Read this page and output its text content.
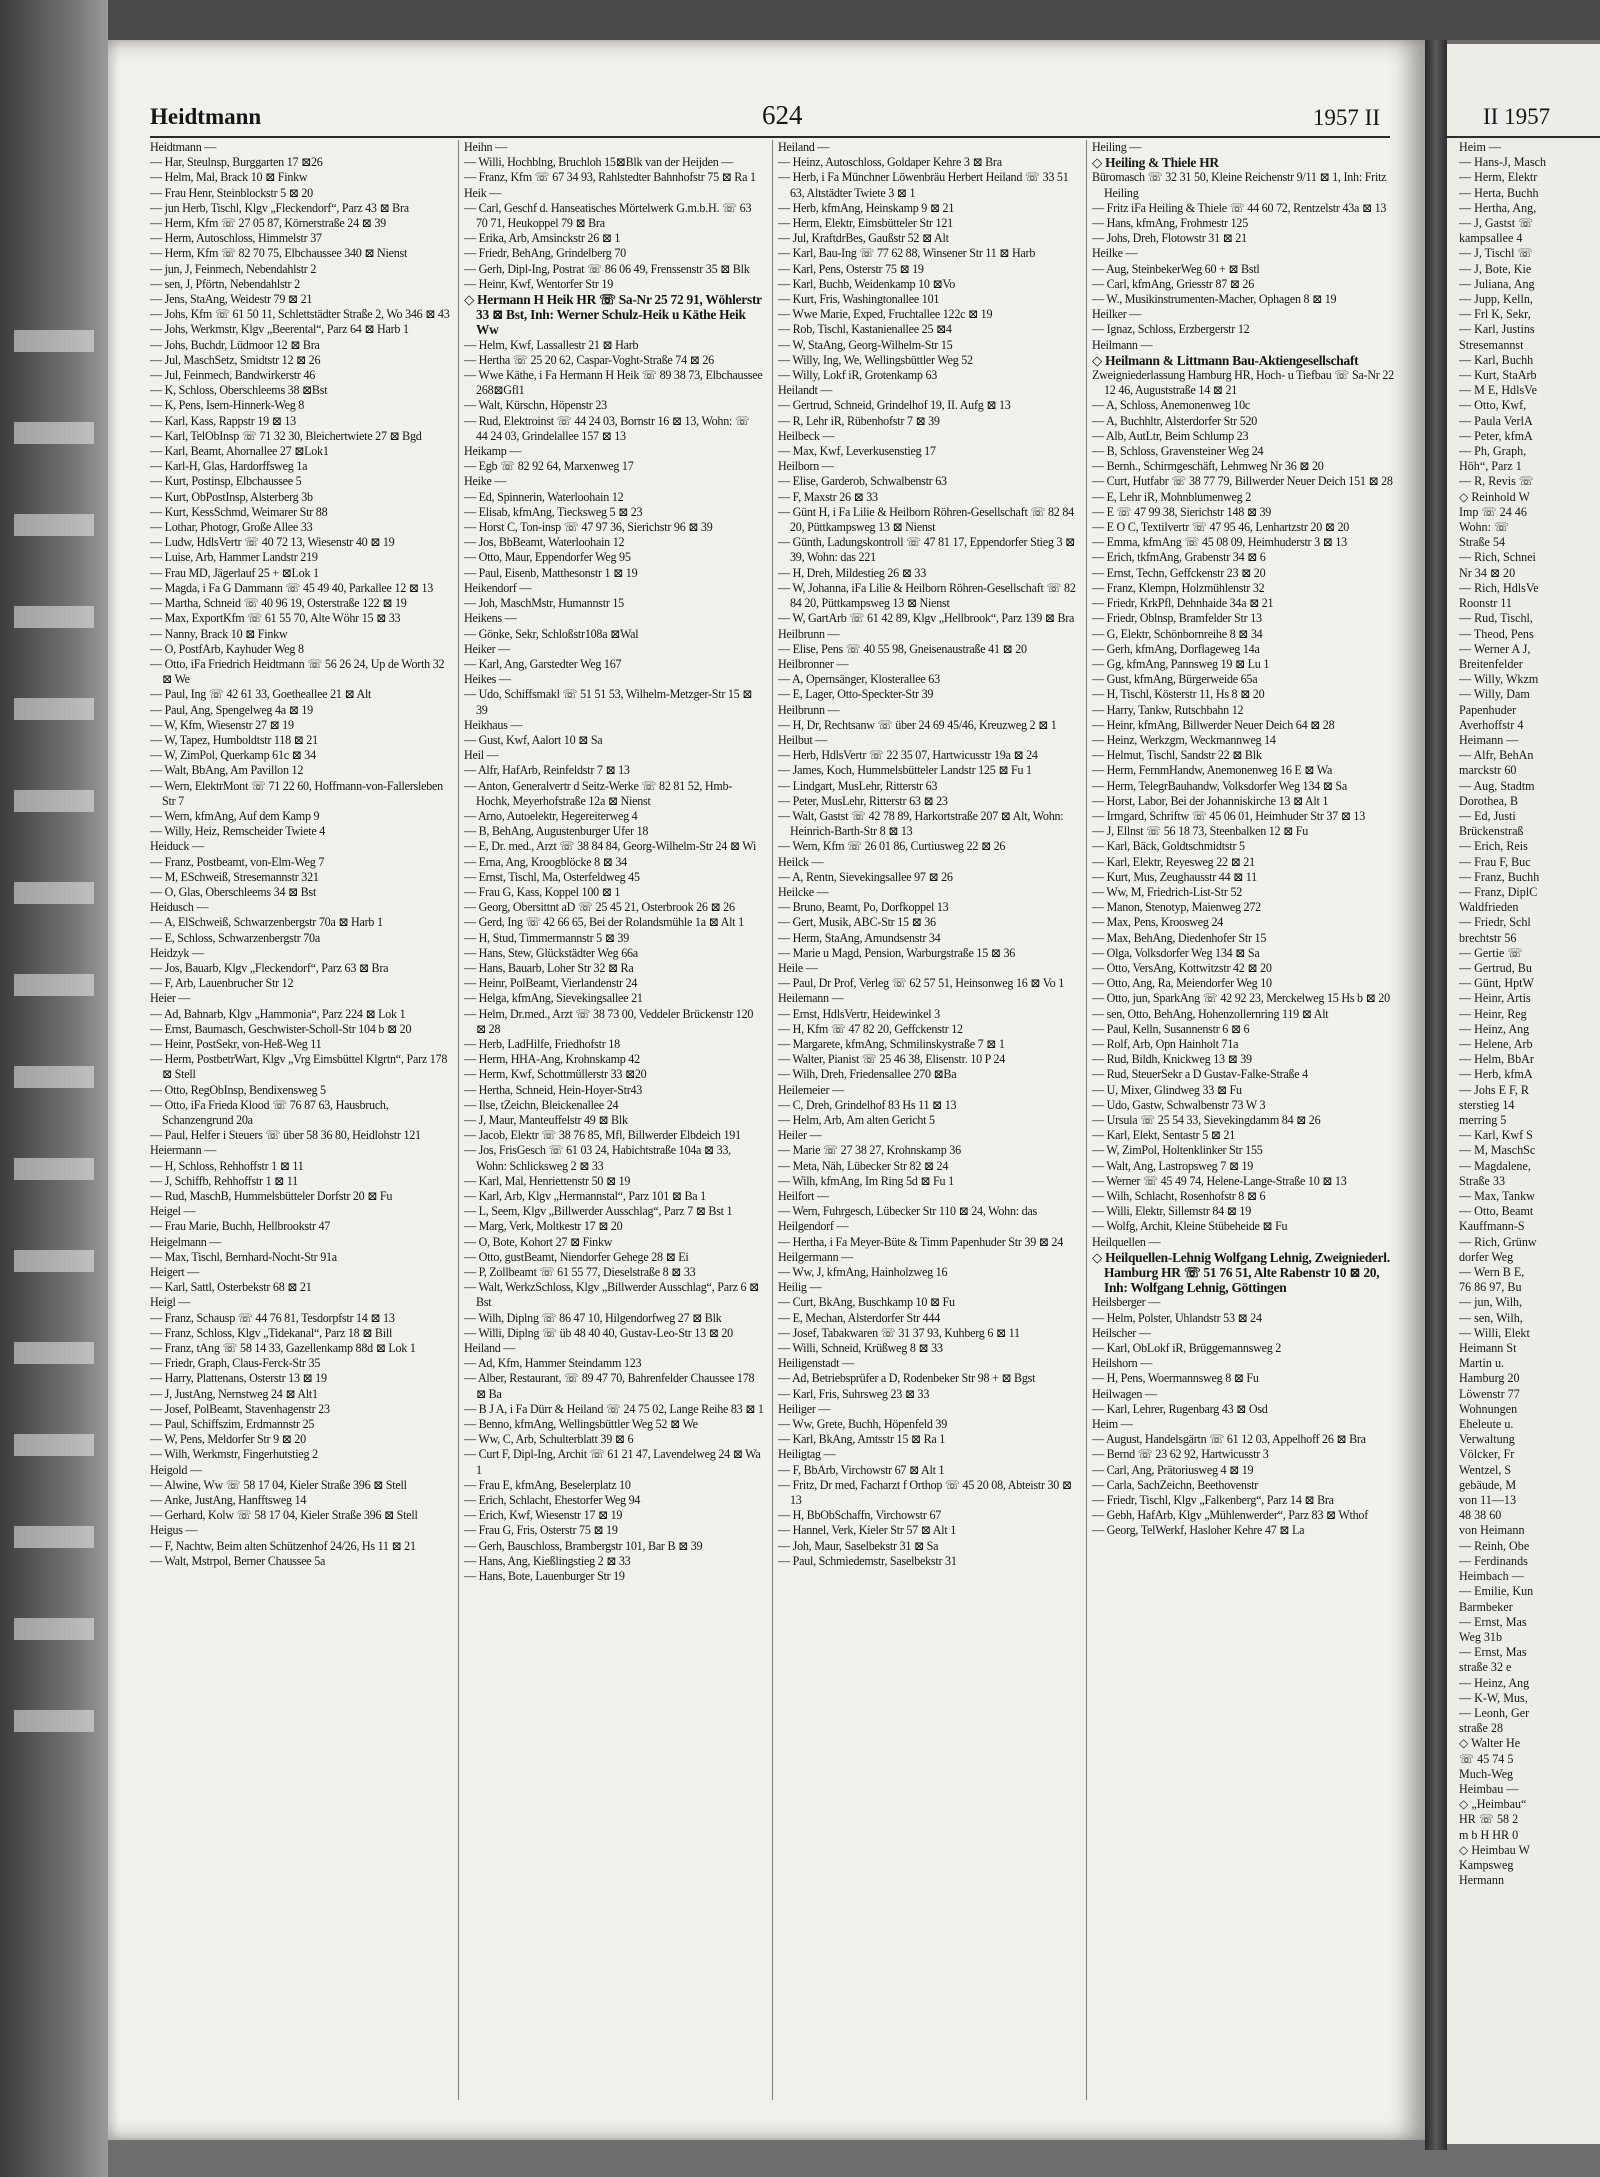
Heidtmann	624	1957 II
Heidtmann —
— Har, Steulnsp, Burggarten 17 ⊠26
— Helm, Mal, Brack 10 ⊠ Finkw
— Frau Henr, Steinblockstr 5 ⊠ 20
— jun Herb, Tischl, Klgv „Fleckendorf“, Parz 43 ⊠ Bra
— Herm, Kfm ☏ 27 05 87, Körnerstraße 24 ⊠ 39
— Herm, Autoschloss, Himmelstr 37
— Herm, Kfm ☏ 82 70 75, Elbchaussee 340 ⊠ Nienst
— jun, J, Feinmech, Nebendahlstr 2
— sen, J, Pförtn, Nebendahlstr 2
— Jens, StaAng, Weidestr 79 ⊠ 21
— Johs, Kfm ☏ 61 50 11, Schlettstädter Straße 2, Wo 346 ⊠ 43
— Johs, Werkmstr, Klgv „Beerental“, Parz 64 ⊠ Harb 1
— Johs, Buchdr, Lüdmoor 12 ⊠ Bra
— Jul, MaschSetz, Smidtstr 12 ⊠ 26
— Jul, Feinmech, Bandwirkerstr 46
— K, Schloss, Oberschleems 38 ⊠Bst
— K, Pens, Isern-Hinnerk-Weg 8
— Karl, Kass, Rappstr 19 ⊠ 13
— Karl, TelObInsp ☏ 71 32 30, Bleichertwiete 27 ⊠ Bgd
— Karl, Beamt, Ahornallee 27 ⊠Lok1
— Karl-H, Glas, Hardorffsweg 1a
— Kurt, Postinsp, Elbchaussee 5
— Kurt, ObPostInsp, Alsterberg 3b
— Kurt, KessSchmd, Weimarer Str 88
— Lothar, Photogr, Große Allee 33
— Ludw, HdlsVertr ☏ 40 72 13, Wiesenstr 40 ⊠ 19
— Luise, Arb, Hammer Landstr 219
— Frau MD, Jägerlauf 25 + ⊠Lok 1
— Magda, i Fa G Dammann ☏ 45 49 40, Parkallee 12 ⊠ 13
— Martha, Schneid ☏ 40 96 19, Osterstraße 122 ⊠ 19
— Max, ExportKfm ☏ 61 55 70, Alte Wöhr 15 ⊠ 33
— Nanny, Brack 10 ⊠ Finkw
— O, PostfArb, Kayhuder Weg 8
— Otto, iFa Friedrich Heidtmann ☏ 56 26 24, Up de Worth 32 ⊠ We
— Paul, Ing ☏ 42 61 33, Goetheallee 21 ⊠ Alt
— Paul, Ang, Spengelweg 4a ⊠ 19
— W, Kfm, Wiesenstr 27 ⊠ 19
— W, Tapez, Humboldtstr 118 ⊠ 21
— W, ZimPol, Querkamp 61c ⊠ 34
— Walt, BbAng, Am Pavillon 12
— Wern, ElektrMont ☏ 71 22 60, Hoffmann-von-Fallersleben Str 7
— Wern, kfmAng, Auf dem Kamp 9
— Willy, Heiz, Remscheider Twiete 4
Heiduck —
— Franz, Postbeamt, von-Elm-Weg 7
— M, ESchweiß, Stresemannstr 321
— O, Glas, Oberschleems 34 ⊠ Bst
Heidusch —
— A, ElSchweiß, Schwarzenbergstr 70a ⊠ Harb 1
— E, Schloss, Schwarzenbergstr 70a
Heidzyk —
— Jos, Bauarb, Klgv „Fleckendorf“, Parz 63 ⊠ Bra
— F, Arb, Lauenbrucher Str 12
Heier —
— Ad, Bahnarb, Klgv „Hammonia“, Parz 224 ⊠ Lok 1
— Ernst, Baumasch, Geschwister-Scholl-Str 104 b ⊠ 20
— Heinr, PostSekr, von-Heß-Weg 11
— Herm, PostbetrWart, Klgv „Vrg Eimsbüttel Klgrtn“, Parz 178 ⊠ Stell
— Otto, RegObInsp, Bendixensweg 5
— Otto, iFa Frieda Klood ☏ 76 87 63, Hausbruch, Schanzengrund 20a
— Paul, Helfer i Steuers ☏ über 58 36 80, Heidlohstr 121
Heiermann —
— H, Schloss, Rehhoffstr 1 ⊠ 11
— J, Schiffb, Rehhoffstr 1 ⊠ 11
— Rud, MaschB, Hummelsbütteler Dorfstr 20 ⊠ Fu
Heigel —
— Frau Marie, Buchh, Hellbrookstr 47
Heigelmann —
— Max, Tischl, Bernhard-Nocht-Str 91a
Heigert —
— Karl, Sattl, Osterbekstr 68 ⊠ 21
Heigl —
— Franz, Schausp ☏ 44 76 81, Tesdorpfstr 14 ⊠ 13
— Franz, Schloss, Klgv „Tidekanal“, Parz 18 ⊠ Bill
— Franz, tAng ☏ 58 14 33, Gazellenkamp 88d ⊠ Lok 1
— Friedr, Graph, Claus-Ferck-Str 35
— Harry, Plattenans, Osterstr 13 ⊠ 19
— J, JustAng, Nernstweg 24 ⊠ Alt1
— Josef, PolBeamt, Stavenhagenstr 23
— Paul, Schiffszim, Erdmannstr 25
— W, Pens, Meldorfer Str 9 ⊠ 20
— Wilh, Werkmstr, Fingerhutstieg 2
Heigold —
— Alwine, Ww ☏ 58 17 04, Kieler Straße 396 ⊠ Stell
— Anke, JustAng, Hanfftsweg 14
— Gerhard, Kolw ☏ 58 17 04, Kieler Straße 396 ⊠ Stell
Heigus —
— F, Nachtw, Beim alten Schützenhof 24/26, Hs 11 ⊠ 21
— Walt, Mstrpol, Berner Chaussee 5a
Heihn —
— Willi, Hochblng, Bruchloh 15⊠Blk van der Heijden —
— Franz, Kfm ☏ 67 34 93, Rahlstedter Bahnhofstr 75 ⊠ Ra 1
Heik —
— Carl, Geschf d. Hanseatisches Mörtelwerk G.m.b.H. ☏ 63 70 71, Heukoppel 79 ⊠ Bra
— Erika, Arb, Amsinckstr 26 ⊠ 1
— Friedr, BehAng, Grindelberg 70
— Gerh, Dipl-Ing, Postrat ☏ 86 06 49, Frenssenstr 35 ⊠ Blk
— Heinr, Kwf, Wentorfer Str 19
◇ Hermann H Heik HR ☏ Sa-Nr 25 72 91, Wöhlerstr 33 ⊠ Bst, Inh: Werner Schulz-Heik u Käthe Heik Ww
— Helm, Kwf, Lassallestr 21 ⊠ Harb
— Hertha ☏ 25 20 62, Caspar-Voght-Straße 74 ⊠ 26
— Wwe Käthe, i Fa Hermann H Heik ☏ 89 38 73, Elbchaussee 268⊠Gfl1
— Walt, Kürschn, Höpenstr 23
— Rud, Elektroinst ☏ 44 24 03, Bornstr 16 ⊠ 13, Wohn: ☏ 44 24 03, Grindelallee 157 ⊠ 13
Heikamp —
— Egb ☏ 82 92 64, Marxenweg 17
Heike —
— Ed, Spinnerin, Waterloohain 12
— Elisab, kfmAng, Tiecksweg 5 ⊠ 23
— Horst C, Ton-insp ☏ 47 97 36, Sierichstr 96 ⊠ 39
— Jos, BbBeamt, Waterloohain 12
— Otto, Maur, Eppendorfer Weg 95
— Paul, Eisenb, Matthesonstr 1 ⊠ 19
Heikendorf —
— Joh, MaschMstr, Humannstr 15
Heikens —
— Gönke, Sekr, Schloßstr108a ⊠Wal
Heiker —
— Karl, Ang, Garstedter Weg 167
Heikes —
— Udo, Schiffsmakl ☏ 51 51 53, Wilhelm-Metzger-Str 15 ⊠ 39
Heikhaus —
— Gust, Kwf, Aalort 10 ⊠ Sa
Heil —
— Alfr, HafArb, Reinfeldstr 7 ⊠ 13
— Anton, Generalvertr d Seitz-Werke ☏ 82 81 52, Hmb-Hochk, Meyerhofstraße 12a ⊠ Nienst
— Arno, Autoelektr, Hegereiterweg 4
— B, BehAng, Augustenburger Ufer 18
— E, Dr. med., Arzt ☏ 38 84 84, Georg-Wilhelm-Str 24 ⊠ Wi
— Erna, Ang, Kroogblöcke 8 ⊠ 34
— Ernst, Tischl, Ma, Osterfeldweg 45
— Frau G, Kass, Koppel 100 ⊠ 1
— Georg, Obersittnt aD ☏ 25 45 21, Osterbrook 26 ⊠ 26
— Gerd, Ing ☏ 42 66 65, Bei der Rolandsmühle 1a ⊠ Alt 1
— H, Stud, Timmermannstr 5 ⊠ 39
— Hans, Stew, Glückstädter Weg 66a
— Hans, Bauarb, Loher Str 32 ⊠ Ra
— Heinr, PolBeamt, Vierlandenstr 24
— Helga, kfmAng, Sievekingsallee 21
— Helm, Dr.med., Arzt ☏ 38 73 00, Veddeler Brückenstr 120 ⊠ 28
— Herb, LadHilfe, Friedhofstr 18
— Herm, HHA-Ang, Krohnskamp 42
— Herm, Kwf, Schottmüllerstr 33 ⊠20
— Hertha, Schneid, Hein-Hoyer-Str43
— Ilse, tZeichn, Bleickenallee 24
— J, Maur, Manteuffelstr 49 ⊠ Blk
— Jacob, Elektr ☏ 38 76 85, Mfl, Billwerder Elbdeich 191
— Jos, FrisGesch ☏ 61 03 24, Habichtstraße 104a ⊠ 33, Wohn: Schlicksweg 2 ⊠ 33
— Karl, Mal, Henriettenstr 50 ⊠ 19
— Karl, Arb, Klgv „Hermannstal“, Parz 101 ⊠ Ba 1
— L, Seem, Klgv „Billwerder Ausschlag“, Parz 7 ⊠ Bst 1
— Marg, Verk, Moltkestr 17 ⊠ 20
— O, Bote, Kohort 27 ⊠ Finkw
— Otto, gustBeamt, Niendorfer Gehege 28 ⊠ Ei
— P, Zollbeamt ☏ 61 55 77, Dieselstraße 8 ⊠ 33
— Walt, WerkzSchloss, Klgv „Billwerder Ausschlag“, Parz 6 ⊠ Bst
— Wilh, Diplng ☏ 86 47 10, Hilgendorfweg 27 ⊠ Blk
— Willi, Diplng ☏ üb 48 40 40, Gustav-Leo-Str 13 ⊠ 20
Heiland —
— Ad, Kfm, Hammer Steindamm 123
— Alber, Restaurant, ☏ 89 47 70, Bahrenfelder Chaussee 178 ⊠ Ba
— B J A, i Fa Dürr & Heiland ☏ 24 75 02, Lange Reihe 83 ⊠ 1
— Benno, kfmAng, Wellingsbüttler Weg 52 ⊠ We
— Ww, C, Arb, Schulterblatt 39 ⊠ 6
— Curt F, Dipl-Ing, Archit ☏ 61 21 47, Lavendelweg 24 ⊠ Wa 1
— Frau E, kfmAng, Beselerplatz 10
— Erich, Schlacht, Ehestorfer Weg 94
— Erich, Kwf, Wiesenstr 17 ⊠ 19
— Frau G, Fris, Osterstr 75 ⊠ 19
— Gerh, Bauschloss, Brambergstr 101, Bar B ⊠ 39
— Hans, Ang, Kießlingstieg 2 ⊠ 33
— Hans, Bote, Lauenburger Str 19
Heiland —
— Heinz, Autoschloss, Goldaper Kehre 3 ⊠ Bra
— Herb, i Fa Münchner Löwenbräu Herbert Heiland ☏ 33 51 63, Altstädter Twiete 3 ⊠ 1
— Herb, kfmAng, Heinskamp 9 ⊠ 21
— Herm, Elektr, Eimsbütteler Str 121
— Jul, KraftdrBes, Gaußstr 52 ⊠ Alt
— Karl, Bau-Ing ☏ 77 62 88, Winsener Str 11 ⊠ Harb
— Karl, Pens, Osterstr 75 ⊠ 19
— Karl, Buchb, Weidenkamp 10 ⊠Vo
— Kurt, Fris, Washingtonallee 101
— Wwe Marie, Exped, Fruchtallee 122c ⊠ 19
— Rob, Tischl, Kastanienallee 25 ⊠4
— W, StaAng, Georg-Wilhelm-Str 15
— Willy, Ing, We, Wellingsbüttler Weg 52
— Willy, Lokf iR, Grotenkamp 63
Heilandt —
— Gertrud, Schneid, Grindelhof 19, II. Aufg ⊠ 13
— R, Lehr iR, Rübenhofstr 7 ⊠ 39
Heilbeck —
— Max, Kwf, Leverkusenstieg 17
Heilborn —
— Elise, Garderob, Schwalbenstr 63
— F, Maxstr 26 ⊠ 33
— Günt H, i Fa Lilie & Heilborn Röhren-Gesellschaft ☏ 82 84 20, Püttkampsweg 13 ⊠ Nienst
— Günth, Ladungskontroll ☏ 47 81 17, Eppendorfer Stieg 3 ⊠ 39, Wohn: das 221
— H, Dreh, Mildestieg 26 ⊠ 33
— W, Johanna, iFa Lilie & Heilborn Röhren-Gesellschaft ☏ 82 84 20, Püttkampsweg 13 ⊠ Nienst
— W, GartArb ☏ 61 42 89, Klgv „Hellbrook“, Parz 139 ⊠ Bra
Heilbrunn —
— Elise, Pens ☏ 40 55 98, Gneisenaustraße 41 ⊠ 20
Heilbronner —
— A, Opernsänger, Klosterallee 63
— E, Lager, Otto-Speckter-Str 39
Heilbrunn —
— H, Dr, Rechtsanw ☏ über 24 69 45/46, Kreuzweg 2 ⊠ 1
Heilbut —
— Herb, HdlsVertr ☏ 22 35 07, Hartwicusstr 19a ⊠ 24
— James, Koch, Hummelsbütteler Landstr 125 ⊠ Fu 1
— Lindgart, MusLehr, Ritterstr 63
— Peter, MusLehr, Ritterstr 63 ⊠ 23
— Walt, Gastst ☏ 42 78 89, Harkortstraße 207 ⊠ Alt, Wohn: Heinrich-Barth-Str 8 ⊠ 13
— Wern, Kfm ☏ 26 01 86, Curtiusweg 22 ⊠ 26
Heilck —
— A, Rentn, Sievekingsallee 97 ⊠ 26
Heilcke —
— Bruno, Beamt, Po, Dorfkoppel 13
— Gert, Musik, ABC-Str 15 ⊠ 36
— Herm, StaAng, Amundsenstr 34
— Marie u Magd, Pension, Warburgstraße 15 ⊠ 36
Heile —
— Paul, Dr Prof, Verleg ☏ 62 57 51, Heinsonweg 16 ⊠ Vo 1
Heilemann —
— Ernst, HdlsVertr, Heidewinkel 3
— H, Kfm ☏ 47 82 20, Geffckenstr 12
— Margarete, kfmAng, Schmilinskystraße 7 ⊠ 1
— Walter, Pianist ☏ 25 46 38, Elisenstr. 10 P 24
— Wilh, Dreh, Friedensallee 270 ⊠Ba
Heilemeier —
— C, Dreh, Grindelhof 83 Hs 11 ⊠ 13
— Helm, Arb, Am alten Gericht 5
Heiler —
— Marie ☏ 27 38 27, Krohnskamp 36
— Meta, Näh, Lübecker Str 82 ⊠ 24
— Wilh, kfmAng, Im Ring 5d ⊠ Fu 1
Heilfort —
— Wern, Fuhrgesch, Lübecker Str 110 ⊠ 24, Wohn: das
Heilgendorf —
— Hertha, i Fa Meyer-Büte & Timm Papenhuder Str 39 ⊠ 24
Heilgermann —
— Ww, J, kfmAng, Hainholzweg 16
Heilig —
— Curt, BkAng, Buschkamp 10 ⊠ Fu
— E, Mechan, Alsterdorfer Str 444
— Josef, Tabakwaren ☏ 31 37 93, Kuhberg 6 ⊠ 11
— Willi, Schneid, Krüßweg 8 ⊠ 33
Heiligenstadt —
— Ad, Betriebsprüfer a D, Rodenbeker Str 98 + ⊠ Bgst
— Karl, Fris, Suhrsweg 23 ⊠ 33
Heiliger —
— Ww, Grete, Buchh, Höpenfeld 39
— Karl, BkAng, Amtsstr 15 ⊠ Ra 1
Heiligtag —
— F, BbArb, Virchowstr 67 ⊠ Alt 1
— Fritz, Dr med, Facharzt f Orthop ☏ 45 20 08, Abteistr 30 ⊠ 13
— H, BbObSchaffn, Virchowstr 67
— Hannel, Verk, Kieler Str 57 ⊠ Alt 1
— Joh, Maur, Saselbekstr 31 ⊠ Sa
— Paul, Schmiedemstr, Saselbekstr 31
Heiling —
◇ Heiling & Thiele HR
Büromasch ☏ 32 31 50, Kleine Reichenstr 9/11 ⊠ 1, Inh: Fritz Heiling
— Fritz iFa Heiling & Thiele ☏ 44 60 72, Rentzelstr 43a ⊠ 13
— Hans, kfmAng, Frohmestr 125
— Johs, Dreh, Flotowstr 31 ⊠ 21
Heilke —
— Aug, SteinbekerWeg 60 + ⊠ Bstl
— Carl, kfmAng, Griesstr 87 ⊠ 26
— W., Musikinstrumenten-Macher, Ophagen 8 ⊠ 19
Heilker —
— Ignaz, Schloss, Erzbergerstr 12
Heilmann —
◇ Heilmann & Littmann Bau-Aktiengesellschaft
Zweigniederlassung Hamburg HR, Hoch- u Tiefbau ☏ Sa-Nr 22 12 46, Auguststraße 14 ⊠ 21
— A, Schloss, Anemonenweg 10c
— A, Buchhltr, Alsterdorfer Str 520
— Alb, AutLtr, Beim Schlump 23
— B, Schloss, Gravensteiner Weg 24
— Bernh., Schirmgeschäft, Lehmweg Nr 36 ⊠ 20
— Curt, Hutfabr ☏ 38 77 79, Billwerder Neuer Deich 151 ⊠ 28
— E, Lehr iR, Mohnblumenweg 2
— E ☏ 47 99 38, Sierichstr 148 ⊠ 39
— E O C, Textilvertr ☏ 47 95 46, Lenhartzstr 20 ⊠ 20
— Emma, kfmAng ☏ 45 08 09, Heimhuderstr 3 ⊠ 13
— Erich, tkfmAng, Grabenstr 34 ⊠ 6
— Ernst, Techn, Geffckenstr 23 ⊠ 20
— Franz, Klempn, Holzmühlenstr 32
— Friedr, KrkPfl, Dehnhaide 34a ⊠ 21
— Friedr, Oblnsp, Bramfelder Str 13
— G, Elektr, Schönbornreihe 8 ⊠ 34
— Gerh, kfmAng, Dorflageweg 14a
— Gg, kfmAng, Pannsweg 19 ⊠ Lu 1
— Gust, kfmAng, Bürgerweide 65a
— H, Tischl, Kösterstr 11, Hs 8 ⊠ 20
— Harry, Tankw, Rutschbahn 12
— Heinr, kfmAng, Billwerder Neuer Deich 64 ⊠ 28
— Heinz, Werkzgm, Weckmannweg 14
— Helmut, Tischl, Sandstr 22 ⊠ Blk
— Herm, FernmHandw, Anemonenweg 16 E ⊠ Wa
— Herm, TelegrBauhandw, Volksdorfer Weg 134 ⊠ Sa
— Horst, Labor, Bei der Johanniskirche 13 ⊠ Alt 1
— Irmgard, Schriftw ☏ 45 06 01, Heimhuder Str 37 ⊠ 13
— J, Ellnst ☏ 56 18 73, Steenbalken 12 ⊠ Fu
— Karl, Bäck, Goldtschmidtstr 5
— Karl, Elektr, Reyesweg 22 ⊠ 21
— Kurt, Mus, Zeughausstr 44 ⊠ 11
— Ww, M, Friedrich-List-Str 52
— Manon, Stenotyp, Maienweg 272
— Max, Pens, Kroosweg 24
— Max, BehAng, Diedenhofer Str 15
— Olga, Volksdorfer Weg 134 ⊠ Sa
— Otto, VersAng, Kottwitzstr 42 ⊠ 20
— Otto, Ang, Ra, Meiendorfer Weg 10
— Otto, jun, SparkAng ☏ 42 92 23, Merckelweg 15 Hs b ⊠ 20
— sen, Otto, BehAng, Hohenzollernring 119 ⊠ Alt
— Paul, Kelln, Susannenstr 6 ⊠ 6
— Rolf, Arb, Opn Hainholt 71a
— Rud, Bildh, Knickweg 13 ⊠ 39
— Rud, SteuerSekr a D Gustav-Falke-Straße 4
— U, Mixer, Glindweg 33 ⊠ Fu
— Udo, Gastw, Schwalbenstr 73 W 3
— Ursula ☏ 25 54 33, Sievekingdamm 84 ⊠ 26
— Karl, Elekt, Sentastr 5 ⊠ 21
— W, ZimPol, Holtenklinker Str 155
— Walt, Ang, Lastropsweg 7 ⊠ 19
— Werner ☏ 45 49 74, Helene-Lange-Straße 10 ⊠ 13
— Wilh, Schlacht, Rosenhofstr 8 ⊠ 6
— Willi, Elektr, Sillemstr 84 ⊠ 19
— Wolfg, Archit, Kleine Stübeheide ⊠ Fu
Heilquellen —
◇ Heilquellen-Lehnig Wolfgang Lehnig, Zweigniederl. Hamburg HR ☏ 51 76 51, Alte Rabenstr 10 ⊠ 20, Inh: Wolfgang Lehnig, Göttingen
Heilsberger —
— Helm, Polster, Uhlandstr 53 ⊠ 24
Heilscher —
— Karl, ObLokf iR, Brüggemannsweg 2
Heilshorn —
— H, Pens, Woermannsweg 8 ⊠ Fu
Heilwagen —
— Karl, Lehrer, Rugenbarg 43 ⊠ Osd
Heim —
— August, Handelsgärtn ☏ 61 12 03, Appelhoff 26 ⊠ Bra
— Bernd ☏ 23 62 92, Hartwicusstr 3
— Carl, Ang, Prätoriusweg 4 ⊠ 19
— Carla, SachZeichn, Beethovenstr
— Friedr, Tischl, Klgv „Falkenberg“, Parz 14 ⊠ Bra
— Gebh, HafArb, Klgv „Mühlenwerder“, Parz 83 ⊠ Wthof
— Georg, TelWerkf, Hasloher Kehre 47 ⊠ La
II 1957
Heim —
— Hans-J, Masch
— Herm, Elektr
— Herta, Buchh
— Hertha, Ang,
— J, Gastst ☏
kampsallee 4
— J, Tischl ☏
— J, Bote, Kie
— Juliana, Ang
— Jupp, Kelln,
— Frl K, Sekr,
— Karl, Justins
Stresemannst
— Karl, Buchh
— Kurt, StaArb
— M E, HdlsVe
— Otto, Kwf,
— Paula VerlA
— Peter, kfmA
— Ph, Graph,
Höh“, Parz 1
— R, Revis ☏
◇ Reinhold W
Imp ☏ 24 46
Wohn: ☏
Straße 54
— Rich, Schnei
Nr 34 ⊠ 20
— Rich, HdlsVe
Roonstr 11
— Rud, Tischl,
— Theod, Pens
— Werner A J,
Breitenfelder
— Willy, Wkzm
— Willy, Dam
Papenhuder
Averhoffstr 4
Heimann —
— Alfr, BehAn
marckstr 60
— Aug, Stadtm
Dorothea, B
— Ed, Justi
Brückenstraß
— Erich, Reis
— Frau F, Buc
— Franz, Buchh
— Franz, DiplC
Waldfrieden
— Friedr, Schl
brechtstr 56
— Gertie ☏
— Gertrud, Bu
— Günt, HptW
— Heinr, Artis
— Heinr, Reg
— Heinz, Ang
— Helene, Arb
— Helm, BbAr
— Herb, kfmA
— Johs E F, R
sterstieg 14
merring 5
— Karl, Kwf S
— M, MaschSc
— Magdalene,
Straße 33
— Max, Tankw
— Otto, Beamt
Kauffmann-S
— Rich, Grünw
dorfer Weg
— Wern B E,
76 86 97, Bu
— jun, Wilh,
— sen, Wilh,
— Willi, Elekt
Heimann St
Martin u.
Hamburg 20
Löwenstr 77
Wohnungen
Eheleute u.
Verwaltung
Völcker, Fr
Wentzel, S
gebäude, M
von 11—13
48 38 60
von Heimann
— Reinh, Obe
— Ferdinands
Heimbach —
— Emilie, Kun
Barmbeker
— Ernst, Mas
Weg 31b
— Ernst, Mas
straße 32 e
— Heinz, Ang
— K-W, Mus,
— Leonh, Ger
straße 28
◇ Walter He
☏ 45 74 5
Much-Weg
Heimbau —
◇ „Heimbau“
HR ☏ 58 2
m b H HR 0
◇ Heimbau W
Kampsweg
Hermann
